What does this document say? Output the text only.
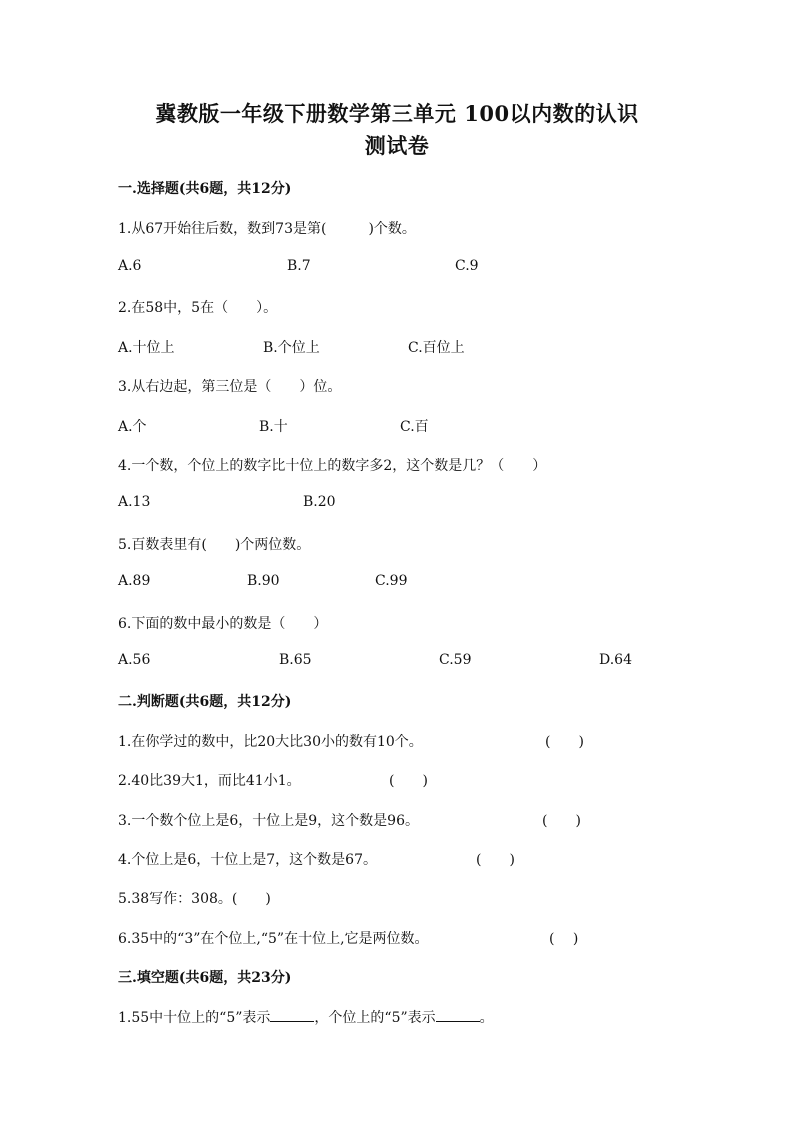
冀教版一年级下册数学第三单元 100以内数的认识
测试卷
一.选择题(共6题，共12分)
1.从67开始往后数，数到73是第(　　　)个数。
A.6	B.7	C.9
2.在58中，5在（　　）。
A.十位上	B.个位上	C.百位上
3.从右边起，第三位是（　　）位。
A.个	B.十	C.百
4.一个数，个位上的数字比十位上的数字多2，这个数是几？（　　）
A.13	B.20
5.百数表里有(　　)个两位数。
A.89	B.90	C.99
6.下面的数中最小的数是（　　）
A.56	B.65	C.59	D.64
二.判断题(共6题，共12分)
1.在你学过的数中，比20大比30小的数有10个。	(　　)
2.40比39大1，而比41小1。	(　　)
3.一个数个位上是6，十位上是9，这个数是96。	(　　)
4.个位上是6，十位上是7，这个数是67。	(　　)
5.38写作：308。(　　)
6.35中的“3”在个位上,“5”在十位上,它是两位数。	(　 )
三.填空题(共6题，共23分)
1.55中十位上的“5”表示	，个位上的“5”表示	。
